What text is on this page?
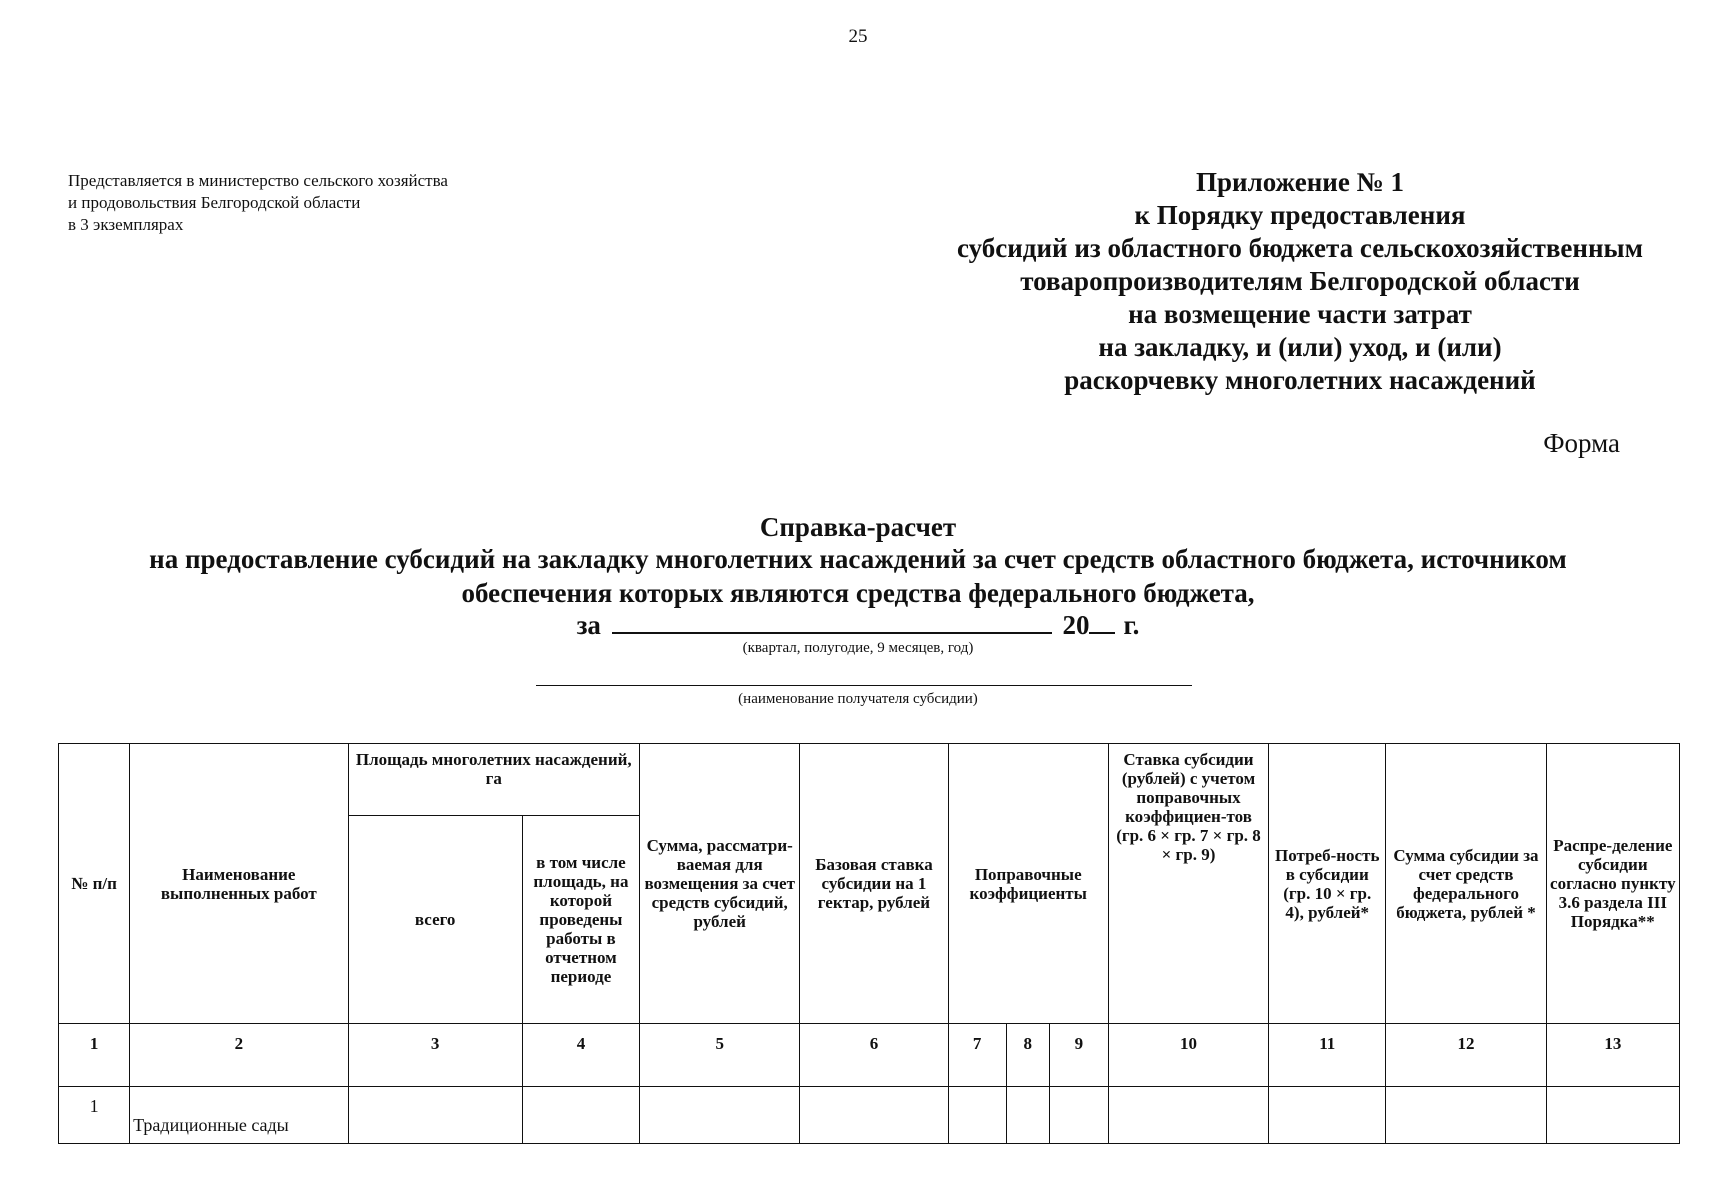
25
Представляется в министерство сельского хозяйства
и продовольствия Белгородской области
в 3 экземплярах
Приложение № 1
к Порядку предоставления
субсидий из областного бюджета сельскохозяйственным
товаропроизводителям Белгородской области
на возмещение части затрат
на закладку, и (или) уход, и (или)
раскорчевку многолетних насаждений
Форма
Справка-расчет
на предоставление субсидий на закладку многолетних насаждений за счет средств областного бюджета, источником
обеспечения которых являются средства федерального бюджета,
за	20 г.
(квартал, полугодие, 9 месяцев, год)
(наименование получателя субсидии)
№ п/п	Наименование выполненных работ	Площадь многолетних насаждений, га		Сумма, рассматри-ваемая для возмещения за счет средств субсидий, рублей	Базовая ставка субсидии на 1 гектар, рублей	Поправочные коэффициенты			Ставка субсидии (рублей) с учетом поправочных коэффициен-тов (гр. 6 × гр. 7 × гр. 8 × гр. 9)	Потреб-ность в субсидии (гр. 10 × гр. 4), рублей*	Сумма субсидии за счет средств федерального бюджета, рублей *	Распре-деление субсидии согласно пункту 3.6 раздела III Порядка**
		всего	в том числе площадь, на которой проведены работы в отчетном периоде									
1	2	3	4	5	6	7	8	9	10	11	12	13
1	Традиционные сады											
